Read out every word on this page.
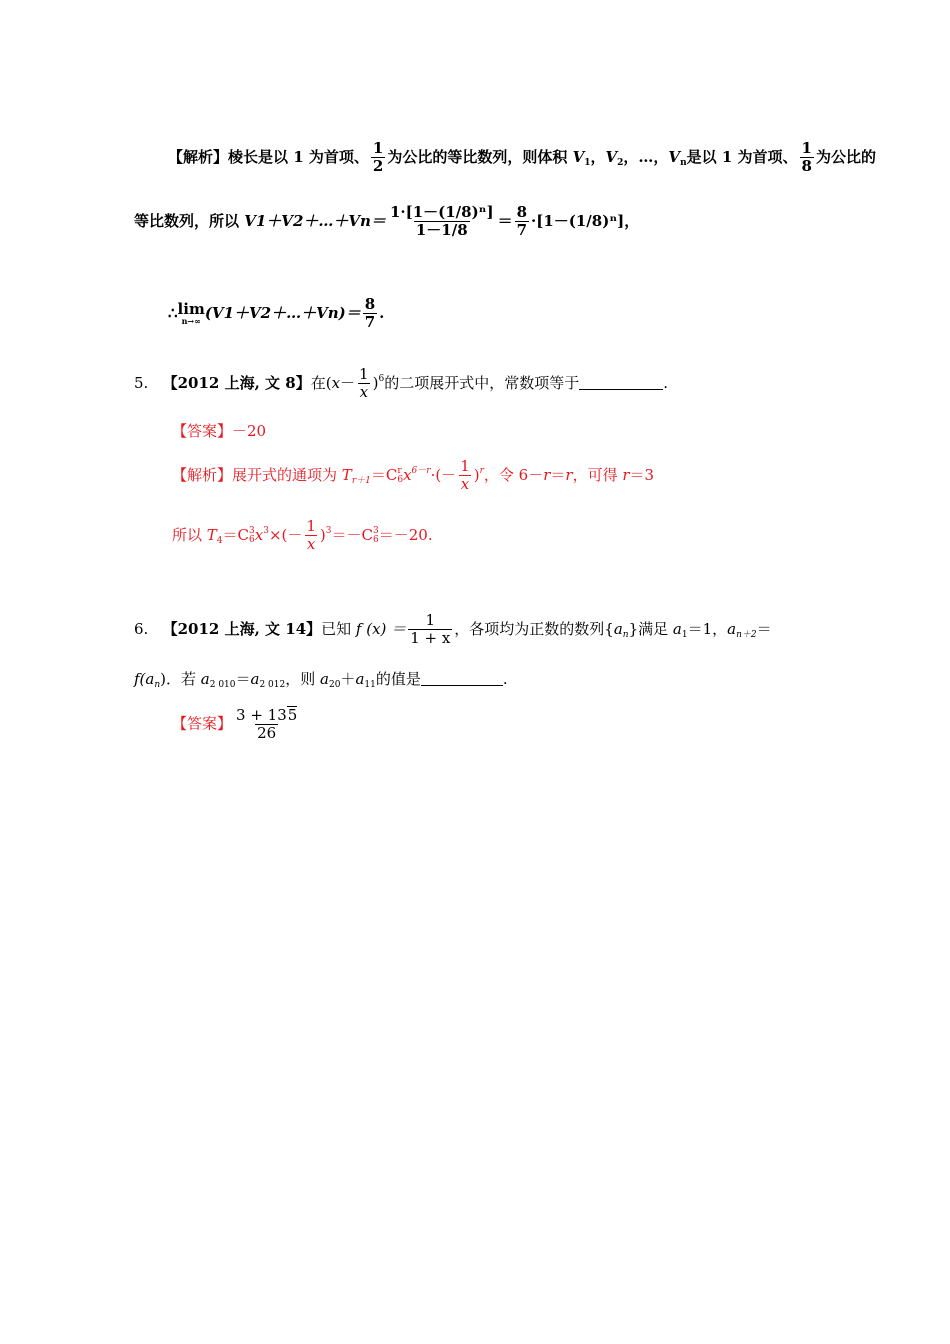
【解析】棱长是以 1 为首项、 $\frac{1}{2}$ 为公比的等比数列，则体积 $V_1$，$V_2$，…，$V_n$是以 1 为首项、 $\frac{1}{8}$ 为公比的
等比数列，所以 V1＋V2＋…＋Vn＝ $\frac{\text{1·[1－(1/8)ⁿ]}}{1-1/8} = \frac{8}{7} \cdot[1-(1/8)^n]$，
∴ lim
n→∞ (V1＋V2＋…＋Vn)＝ $\frac{8}{7}$ .
5. 【2012 上海, 文 8】在$(x- \frac{1}{x} )^6$的二项展开式中，常数项等于	.
【答案】－20
【解析】展开式的通项为 $T_{r+1}=C$ r
6 $x^{6-r}\cdot(- \frac{1}{x} )^r$，令 6－r＝r，可得 r＝3
所以 $T_4=C$ 3
6 $x^3\times(- \frac{1}{x} )^3=-C$ 3
6 ＝－20.
6. 【2012 上海, 文 14】已知 f $(x) = \frac{1}{1 + x}$ ，各项均为正数的数列$\{a_n\}$满足 $a_1=1$，$a_{n+2}=$
$f(a_n)$．若 $a_{2 010}=a_{2 012}$，则 $a_{20}+a_{11}$的值是	.
【答案】 $\frac{3 + 135}{26}$
